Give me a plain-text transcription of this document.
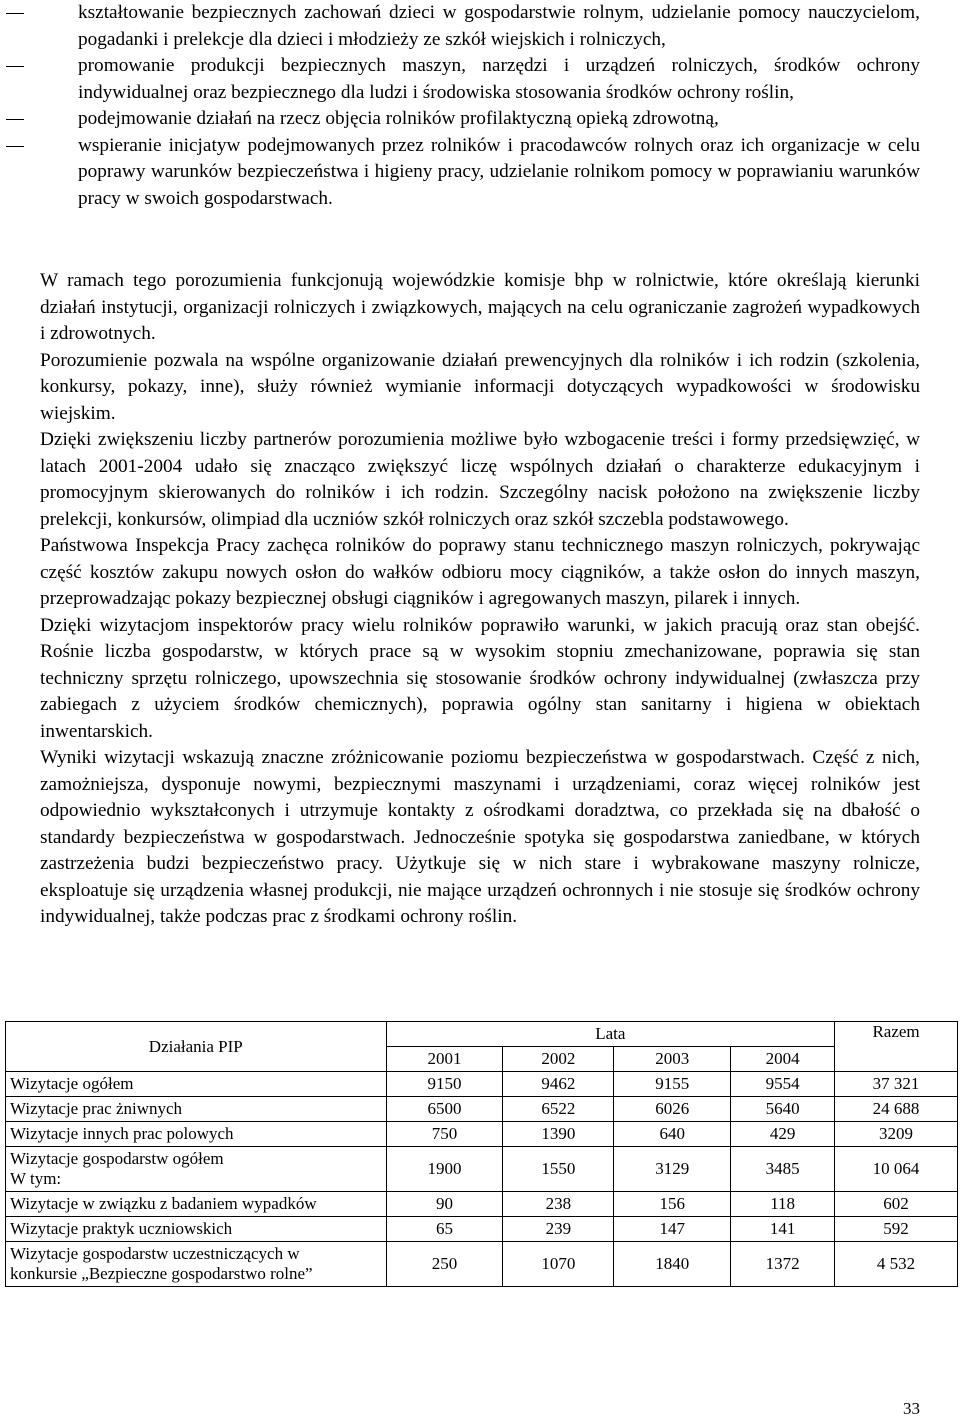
kształtowanie bezpiecznych zachowań dzieci w gospodarstwie rolnym, udzielanie pomocy nauczycielom, pogadanki i prelekcje dla dzieci i młodzieży ze szkół wiejskich i rolniczych,

promowanie produkcji bezpiecznych maszyn, narzędzi i urządzeń rolniczych, środków ochrony indywidualnej oraz bezpiecznego dla ludzi i środowiska stosowania środków ochrony roślin,

podejmowanie działań na rzecz objęcia rolników profilaktyczną opieką zdrowotną,

wspieranie inicjatyw podejmowanych przez rolników i pracodawców rolnych oraz ich organizacje w celu poprawy warunków bezpieczeństwa i higieny pracy, udzielanie rolnikom pomocy w poprawianiu warunków pracy w swoich gospodarstwach.

W ramach tego porozumienia funkcjonują wojewódzkie komisje bhp w rolnictwie, które określają kierunki działań instytucji, organizacji rolniczych i związkowych, mających na celu ograniczanie zagrożeń wypadkowych i zdrowotnych.

Porozumienie pozwala na wspólne organizowanie działań prewencyjnych dla rolników i ich rodzin (szkolenia, konkursy, pokazy, inne), służy również wymianie informacji dotyczących wypadkowości w środowisku wiejskim.

Dzięki zwiększeniu liczby partnerów porozumienia możliwe było wzbogacenie treści i formy przedsięwzięć, w latach 2001-2004 udało się znacząco zwiększyć liczę wspólnych działań o charakterze edukacyjnym i promocyjnym skierowanych do rolników i ich rodzin. Szczególny nacisk położono na zwiększenie liczby prelekcji, konkursów, olimpiad dla uczniów szkół rolniczych oraz szkół szczebla podstawowego.

Państwowa Inspekcja Pracy zachęca rolników do poprawy stanu technicznego maszyn rolniczych, pokrywając część kosztów zakupu nowych osłon do wałków odbioru mocy ciągników, a także osłon do innych maszyn, przeprowadzając pokazy bezpiecznej obsługi ciągników i agregowanych maszyn, pilarek i innych.

Dzięki wizytacjom inspektorów pracy wielu rolników poprawiło warunki, w jakich pracują oraz stan obejść. Rośnie liczba gospodarstw, w których prace są w wysokim stopniu zmechanizowane, poprawia się stan techniczny sprzętu rolniczego, upowszechnia się stosowanie środków ochrony indywidualnej (zwłaszcza przy zabiegach z użyciem środków chemicznych), poprawia ogólny stan sanitarny i higiena w obiektach inwentarskich.

Wyniki wizytacji wskazują znaczne zróżnicowanie poziomu bezpieczeństwa w gospodarstwach. Część z nich, zamożniejsza, dysponuje nowymi, bezpiecznymi maszynami i urządzeniami, coraz więcej rolników jest odpowiednio wykształconych i utrzymuje kontakty z ośrodkami doradztwa, co przekłada się na dbałość o standardy bezpieczeństwa w gospodarstwach. Jednocześnie spotyka się gospodarstwa zaniedbane, w których zastrzeżenia budzi bezpieczeństwo pracy. Użytkuje się w nich stare i wybrakowane maszyny rolnicze, eksploatuje się urządzenia własnej produkcji, nie mające urządzeń ochronnych i nie stosuje się środków ochrony indywidualnej, także podczas prac z środkami ochrony roślin.

Działania PIP	Lata				Razem
	2001	2002	2003	2004	
Wizytacje ogółem	9150	9462	9155	9554	37 321
Wizytacje prac żniwnych	6500	6522	6026	5640	24 688
Wizytacje innych prac polowych	750	1390	640	429	3209

Wizytacje gospodarstw ogółem
W tym:	1900	1550	3129	3485	10 064
Wizytacje w związku z badaniem wypadków	90	238	156	118	602
Wizytacje praktyk uczniowskich	65	239	147	141	592

Wizytacje gospodarstw uczestniczących w
konkursie „Bezpieczne gospodarstwo rolne”	250	1070	1840	1372	4 532
33
